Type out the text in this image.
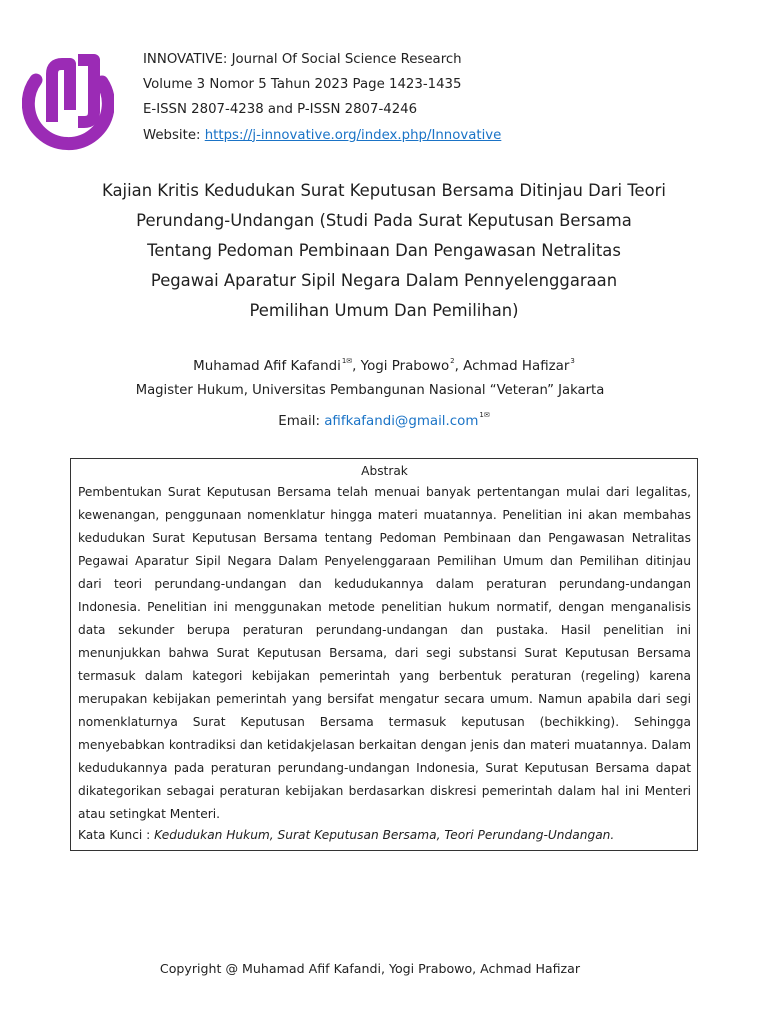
INNOVATIVE: Journal Of Social Science Research
Volume 3 Nomor 5 Tahun 2023 Page 1423-1435
E-ISSN 2807-4238 and P-ISSN 2807-4246
Website: https://j-innovative.org/index.php/Innovative
Kajian Kritis Kedudukan Surat Keputusan Bersama Ditinjau Dari Teori
Perundang-Undangan (Studi Pada Surat Keputusan Bersama
Tentang Pedoman Pembinaan Dan Pengawasan Netralitas
Pegawai Aparatur Sipil Negara Dalam Pennyelenggaraan
Pemilihan Umum Dan Pemilihan)
Muhamad Afif Kafandi$^{1✉}$, Yogi Prabowo$^2$, Achmad Hafizar$^3$
Magister Hukum, Universitas Pembangunan Nasional “Veteran” Jakarta
Email: afifkafandi@gmail.com$^{1✉}$
Abstrak

Pembentukan Surat Keputusan Bersama telah menuai banyak pertentangan mulai dari legalitas, kewenangan, penggunaan nomenklatur hingga materi muatannya. Penelitian ini akan membahas kedudukan Surat Keputusan Bersama tentang Pedoman Pembinaan dan Pengawasan Netralitas Pegawai Aparatur Sipil Negara Dalam Penyelenggaraan Pemilihan Umum dan Pemilihan ditinjau dari teori perundang-undangan dan kedudukannya dalam peraturan perundang-undangan Indonesia. Penelitian ini menggunakan metode penelitian hukum normatif, dengan menganalisis data sekunder berupa peraturan perundang-undangan dan pustaka. Hasil penelitian ini menunjukkan bahwa Surat Keputusan Bersama, dari segi substansi Surat Keputusan Bersama termasuk dalam kategori kebijakan pemerintah yang berbentuk peraturan (regeling) karena merupakan kebijakan pemerintah yang bersifat mengatur secara umum. Namun apabila dari segi nomenklaturnya Surat Keputusan Bersama termasuk keputusan (bechikking). Sehingga menyebabkan kontradiksi dan ketidakjelasan berkaitan dengan jenis dan materi muatannya. Dalam kedudukannya pada peraturan perundang-undangan Indonesia, Surat Keputusan Bersama dapat dikategorikan sebagai peraturan kebijakan berdasarkan diskresi pemerintah dalam hal ini Menteri atau setingkat Menteri.

Kata Kunci : Kedudukan Hukum, Surat Keputusan Bersama, Teori Perundang-Undangan.
Copyright @ Muhamad Afif Kafandi, Yogi Prabowo, Achmad Hafizar
